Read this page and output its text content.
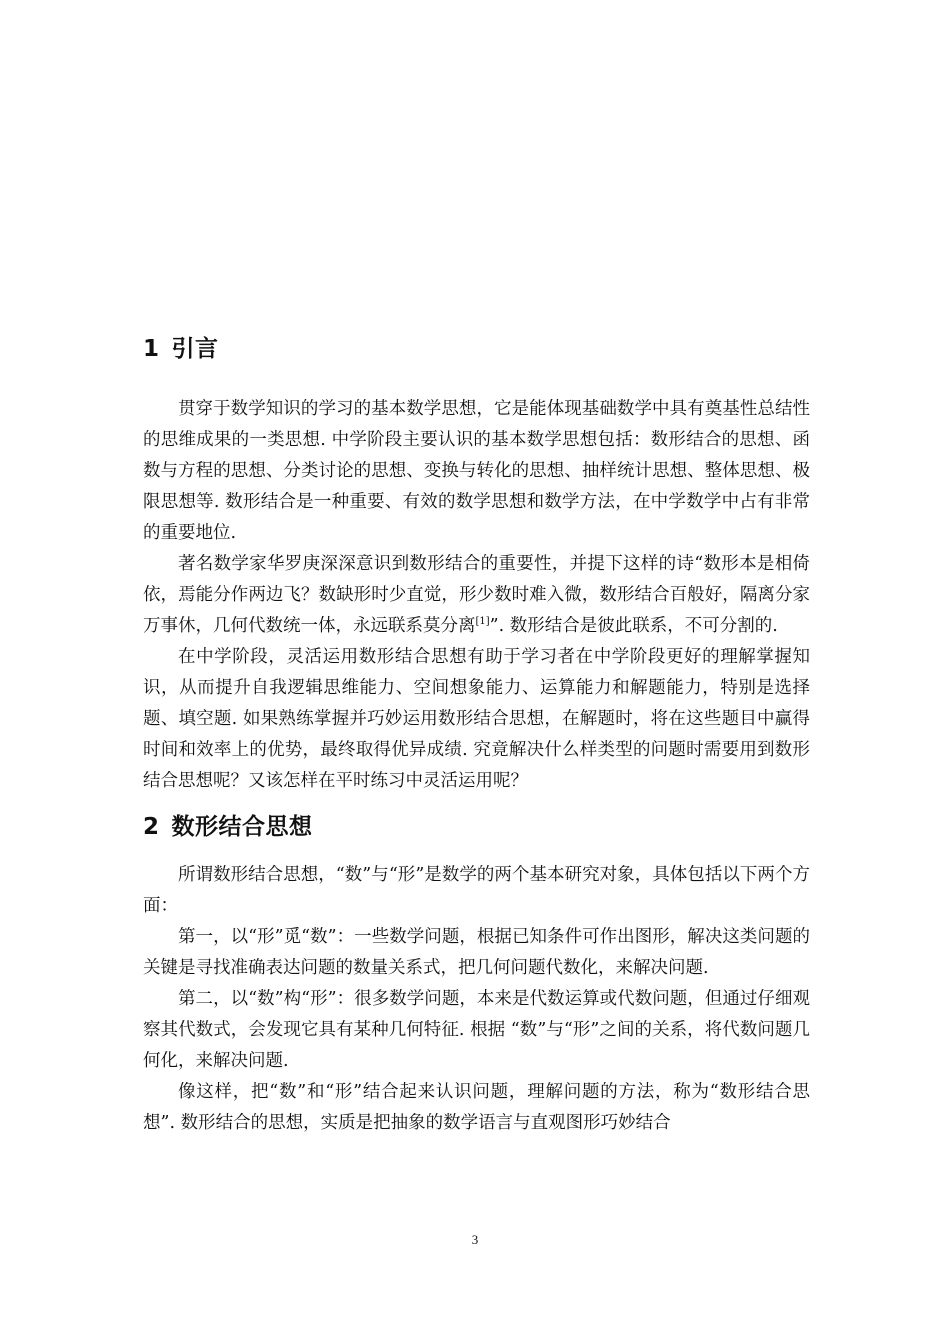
1 引言

贯穿于数学知识的学习的基本数学思想，它是能体现基础数学中具有奠基性总结性的思维成果的一类思想. 中学阶段主要认识的基本数学思想包括：数形结合的思想、函数与方程的思想、分类讨论的思想、变换与转化的思想、抽样统计思想、整体思想、极限思想等. 数形结合是一种重要、有效的数学思想和数学方法，在中学数学中占有非常的重要地位.

著名数学家华罗庚深深意识到数形结合的重要性，并提下这样的诗“数形本是相倚依，焉能分作两边飞？数缺形时少直觉，形少数时难入微，数形结合百般好，隔离分家万事休，几何代数统一体，永远联系莫分离[1]”. 数形结合是彼此联系，不可分割的.

在中学阶段，灵活运用数形结合思想有助于学习者在中学阶段更好的理解掌握知识，从而提升自我逻辑思维能力、空间想象能力、运算能力和解题能力，特别是选择题、填空题. 如果熟练掌握并巧妙运用数形结合思想，在解题时，将在这些题目中赢得时间和效率上的优势，最终取得优异成绩. 究竟解决什么样类型的问题时需要用到数形结合思想呢？又该怎样在平时练习中灵活运用呢？

2 数形结合思想

所谓数形结合思想，“数”与“形”是数学的两个基本研究对象，具体包括以下两个方面：

第一，以“形”觅“数”：一些数学问题，根据已知条件可作出图形，解决这类问题的关键是寻找准确表达问题的数量关系式，把几何问题代数化，来解决问题.

第二，以“数”构“形”：很多数学问题，本来是代数运算或代数问题，但通过仔细观察其代数式，会发现它具有某种几何特征. 根据 “数”与“形”之间的关系，将代数问题几何化，来解决问题.

像这样，把“数”和“形”结合起来认识问题，理解问题的方法，称为“数形结合思想”. 数形结合的思想，实质是把抽象的数学语言与直观图形巧妙结合

3
